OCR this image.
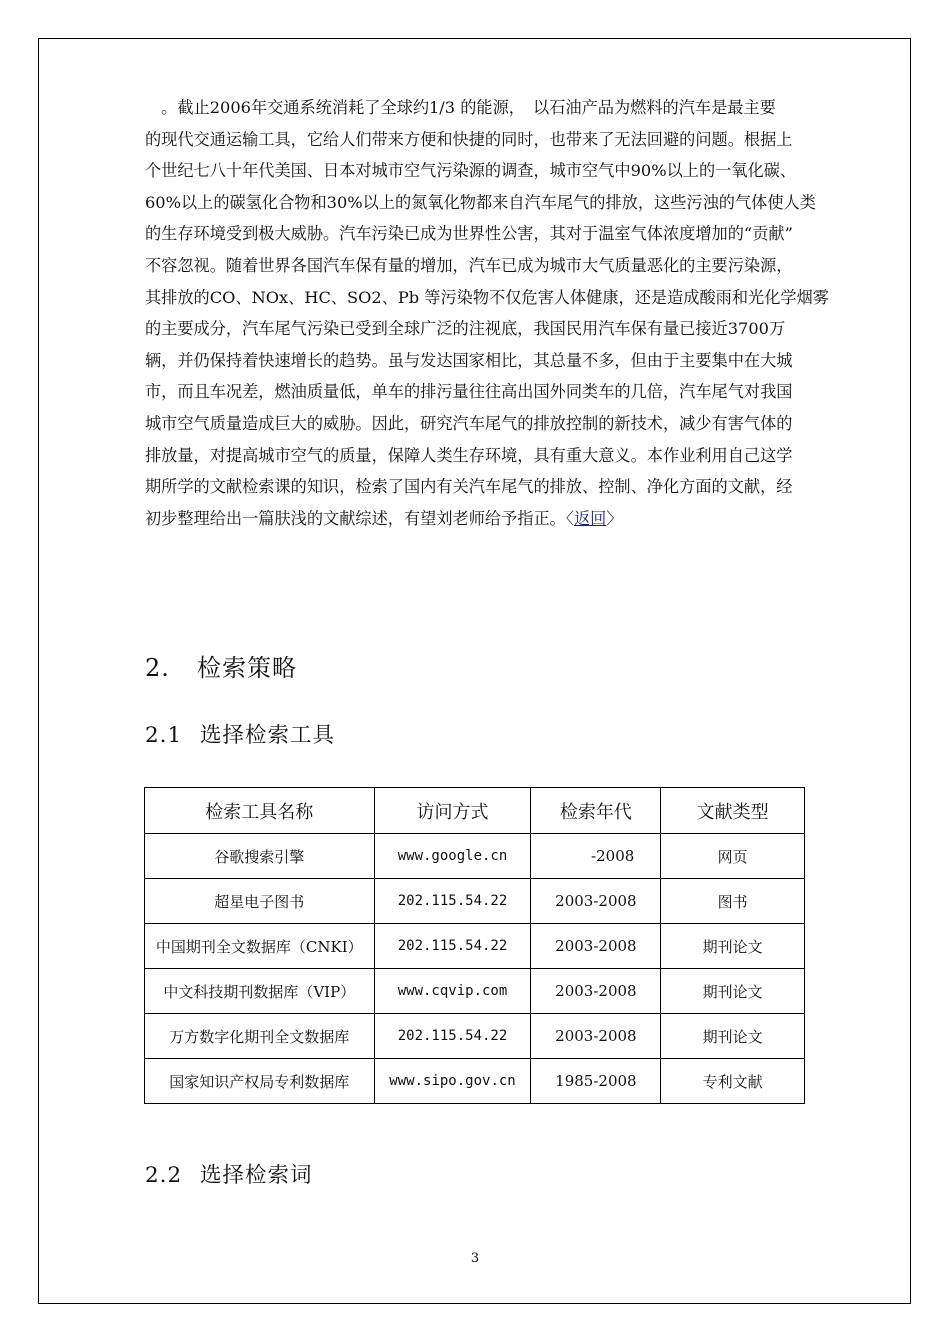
　。截止2006年交通系统消耗了全球约1/3 的能源，　以石油产品为燃料的汽车是最主要
的现代交通运输工具，它给人们带来方便和快捷的同时，也带来了无法回避的问题。根据上
个世纪七八十年代美国、日本对城市空气污染源的调查，城市空气中90%以上的一氧化碳、
60%以上的碳氢化合物和30%以上的氮氧化物都来自汽车尾气的排放，这些污浊的气体使人类
的生存环境受到极大威胁。汽车污染已成为世界性公害，其对于温室气体浓度增加的“贡献”
不容忽视。随着世界各国汽车保有量的增加，汽车已成为城市大气质量恶化的主要污染源，
其排放的CO、NOx、HC、SO2、Pb 等污染物不仅危害人体健康，还是造成酸雨和光化学烟雾
的主要成分，汽车尾气污染已受到全球广泛的注视底，我国民用汽车保有量已接近3700万
辆，并仍保持着快速增长的趋势。虽与发达国家相比，其总量不多，但由于主要集中在大城
市，而且车况差，燃油质量低，单车的排污量往往高出国外同类车的几倍，汽车尾气对我国
城市空气质量造成巨大的威胁。因此，研究汽车尾气的排放控制的新技术，减少有害气体的
排放量，对提高城市空气的质量，保障人类生存环境，具有重大意义。本作业利用自己这学
期所学的文献检索课的知识，检索了国内有关汽车尾气的排放、控制、净化方面的文献，经
初步整理给出一篇肤浅的文献综述，有望刘老师给予指正。〈返回〉
2. 检索策略
2.1 选择检索工具
检索工具名称	访问方式	检索年代	文献类型
谷歌搜索引擎	www.google.cn	-2008	网页
超星电子图书	202.115.54.22	2003-2008	图书
中国期刊全文数据库（CNKI）	202.115.54.22	2003-2008	期刊论文
中文科技期刊数据库（VIP）	www.cqvip.com	2003-2008	期刊论文
万方数字化期刊全文数据库	202.115.54.22	2003-2008	期刊论文
国家知识产权局专利数据库	www.sipo.gov.cn	1985-2008	专利文献
2.2 选择检索词
3
